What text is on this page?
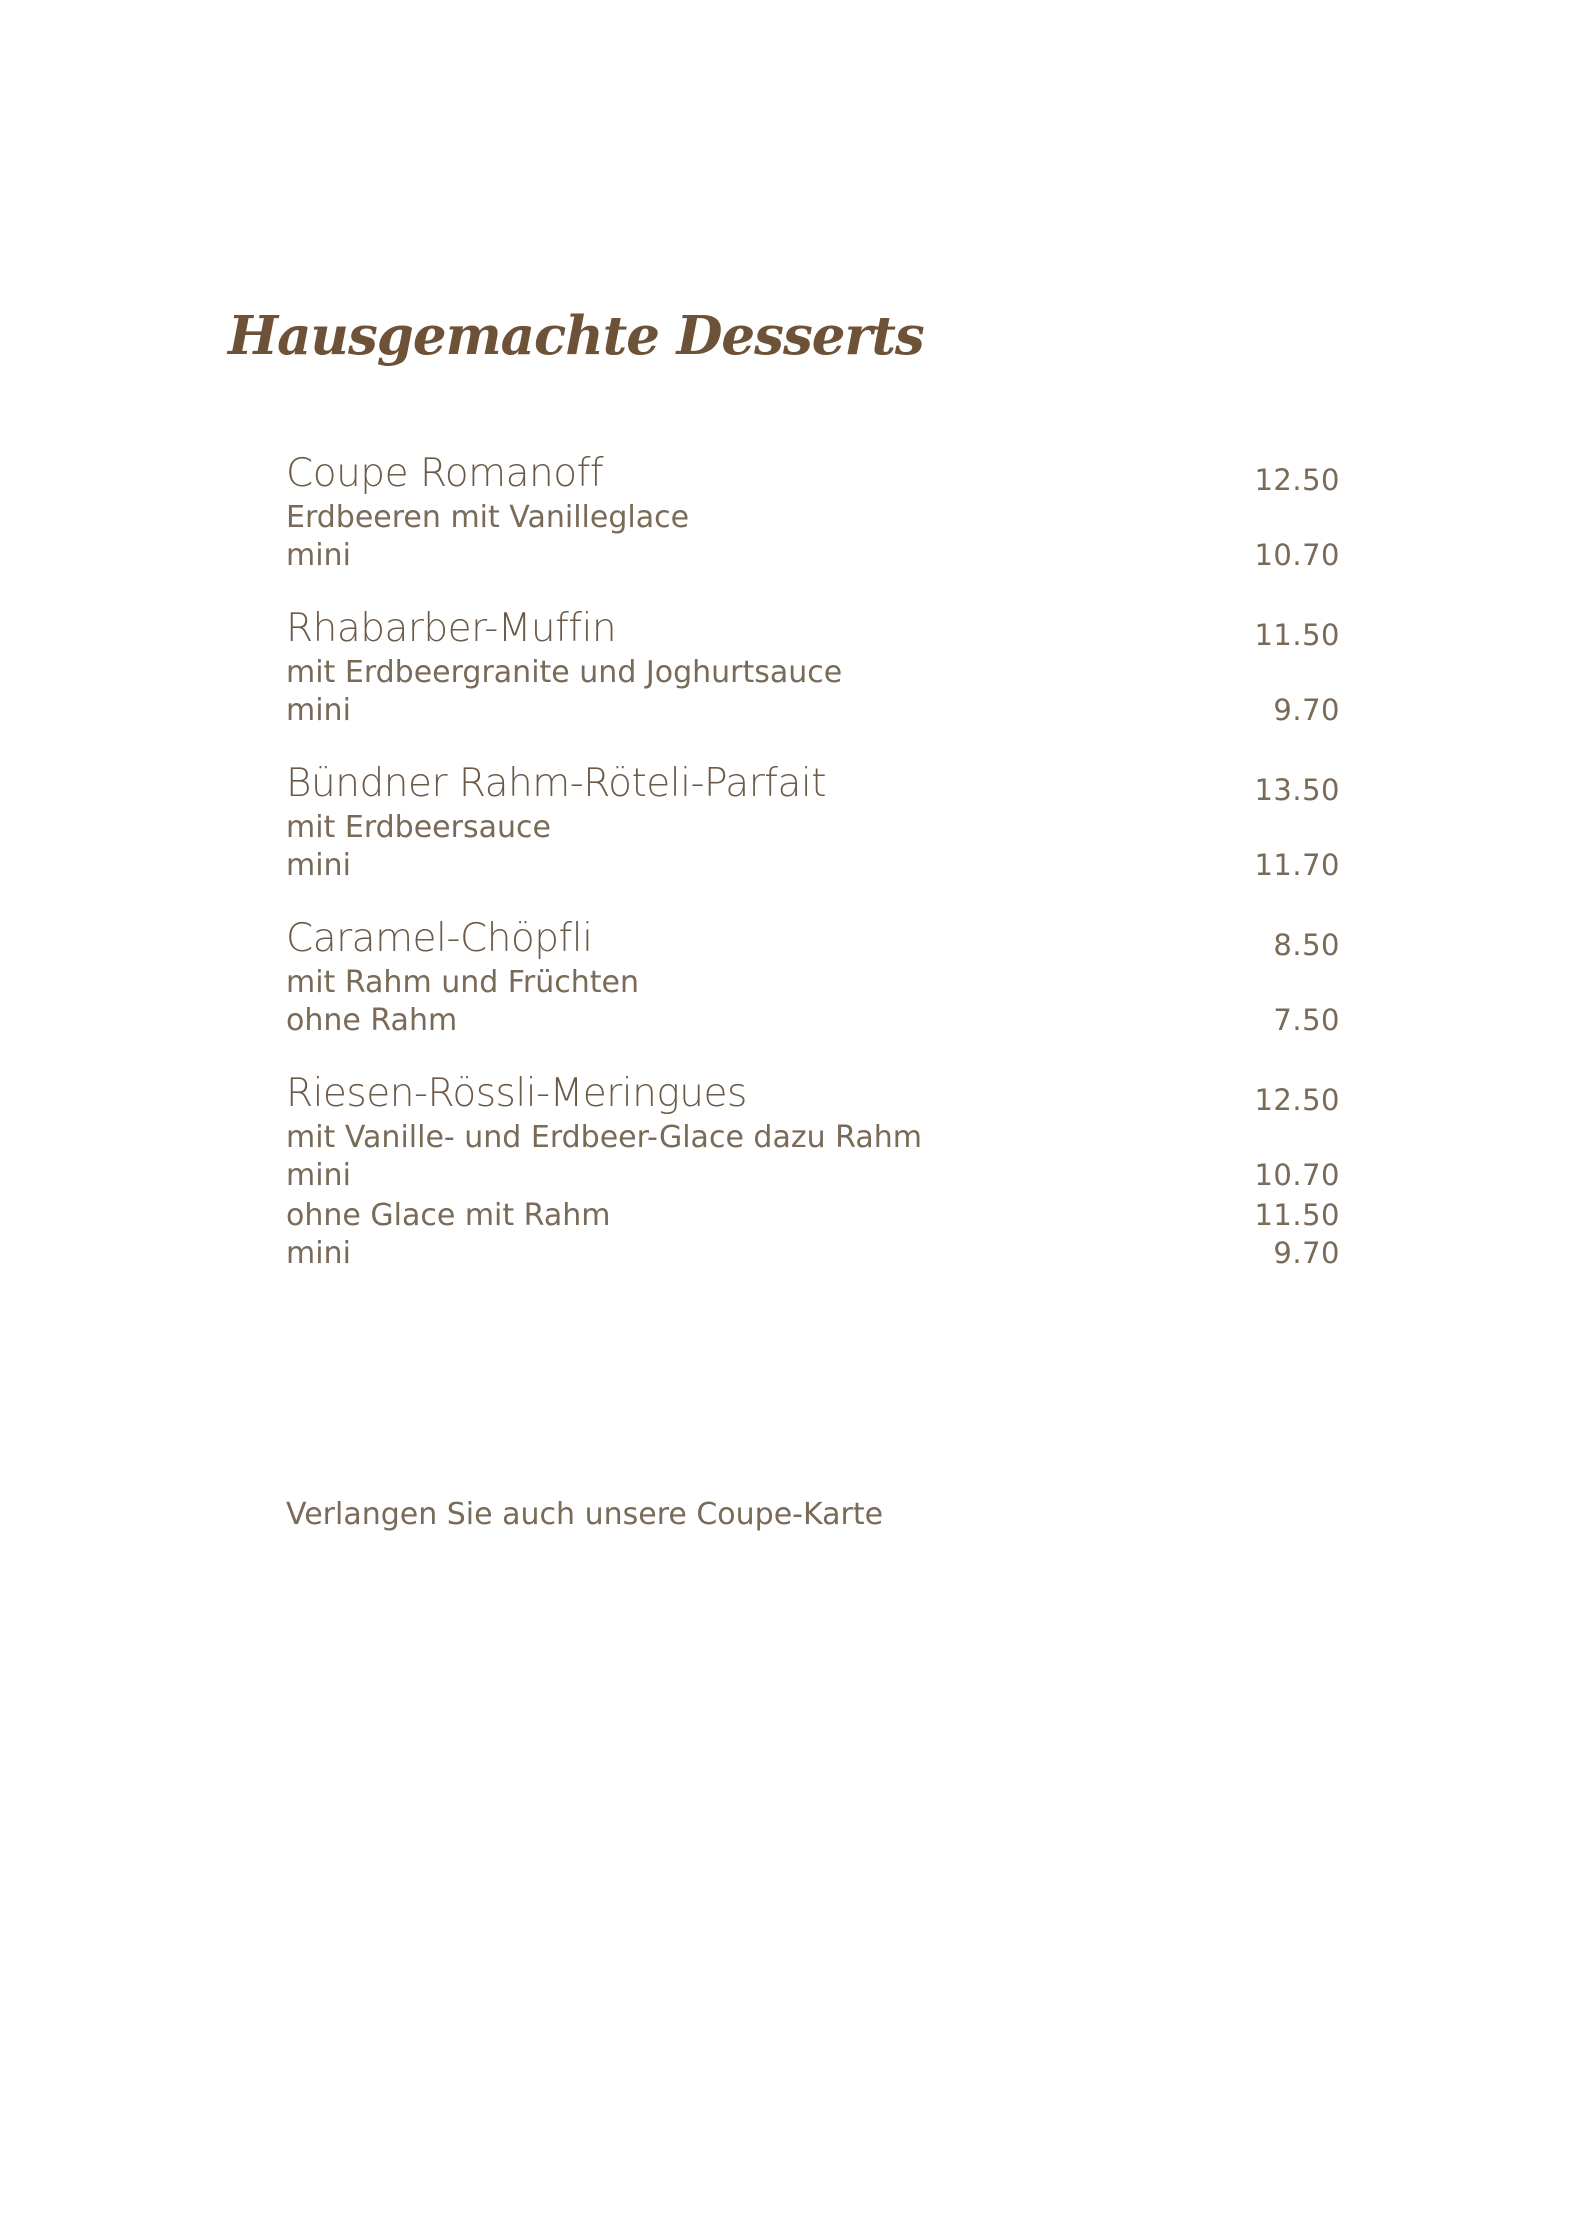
Hausgemachte Desserts
Coupe Romanoff	12.50
Erdbeeren mit Vanilleglace
mini	10.70
Rhabarber-Muffin	11.50
mit Erdbeergranite und Joghurtsauce
mini	9.70
Bündner Rahm-Röteli-Parfait	13.50
mit Erdbeersauce
mini	11.70
Caramel-Chöpfli	8.50
mit Rahm und Früchten
ohne Rahm	7.50
Riesen-Rössli-Meringues	12.50
mit Vanille- und Erdbeer-Glace dazu Rahm
mini	10.70
ohne Glace mit Rahm	11.50
mini	9.70

Verlangen Sie auch unsere Coupe-Karte
